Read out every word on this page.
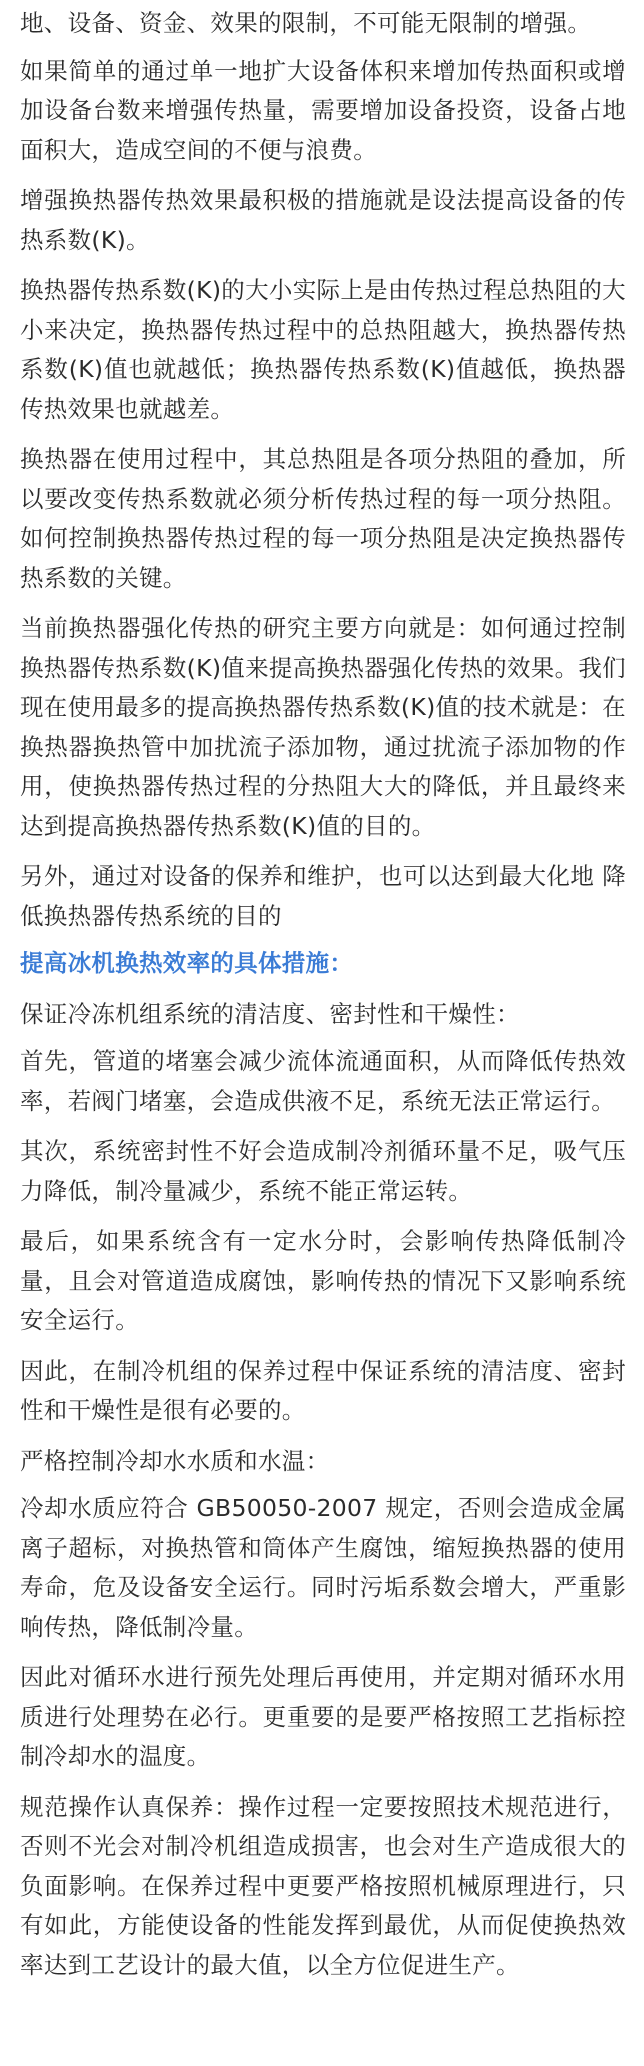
地、设备、资金、效果的限制，不可能无限制的增强。

如果简单的通过单一地扩大设备体积来增加传热面积或增加设备台数来增强传热量，需要增加设备投资，设备占地面积大，造成空间的不便与浪费。

增强换热器传热效果最积极的措施就是设法提高设备的传热系数(K)。

换热器传热系数(K)的大小实际上是由传热过程总热阻的大小来决定，换热器传热过程中的总热阻越大，换热器传热系数(K)值也就越低；换热器传热系数(K)值越低，换热器传热效果也就越差。

换热器在使用过程中，其总热阻是各项分热阻的叠加，所以要改变传热系数就必须分析传热过程的每一项分热阻。如何控制换热器传热过程的每一项分热阻是决定换热器传热系数的关键。

当前换热器强化传热的研究主要方向就是：如何通过控制换热器传热系数(K)值来提高换热器强化传热的效果。我们现在使用最多的提高换热器传热系数(K)值的技术就是：在换热器换热管中加扰流子添加物，通过扰流子添加物的作用，使换热器传热过程的分热阻大大的降低，并且最终来达到提高换热器传热系数(K)值的目的。

另外，通过对设备的保养和维护，也可以达到最大化地 降低换热器传热系统的目的

提高冰机换热效率的具体措施：

保证冷冻机组系统的清洁度、密封性和干燥性：

首先，管道的堵塞会减少流体流通面积，从而降低传热效率，若阀门堵塞，会造成供液不足，系统无法正常运行。

其次，系统密封性不好会造成制冷剂循环量不足，吸气压力降低，制冷量减少，系统不能正常运转。

最后，如果系统含有一定水分时，会影响传热降低制冷量，且会对管道造成腐蚀，影响传热的情况下又影响系统安全运行。

因此，在制冷机组的保养过程中保证系统的清洁度、密封性和干燥性是很有必要的。

严格控制冷却水水质和水温：

冷却水质应符合 GB50050-2007 规定，否则会造成金属离子超标，对换热管和筒体产生腐蚀，缩短换热器的使用寿命，危及设备安全运行。同时污垢系数会增大，严重影响传热，降低制冷量。

因此对循环水进行预先处理后再使用，并定期对循环水用质进行处理势在必行。更重要的是要严格按照工艺指标控制冷却水的温度。

规范操作认真保养：操作过程一定要按照技术规范进行，否则不光会对制冷机组造成损害，也会对生产造成很大的负面影响。在保养过程中更要严格按照机械原理进行，只有如此，方能使设备的性能发挥到最优，从而促使换热效率达到工艺设计的最大值，以全方位促进生产。
